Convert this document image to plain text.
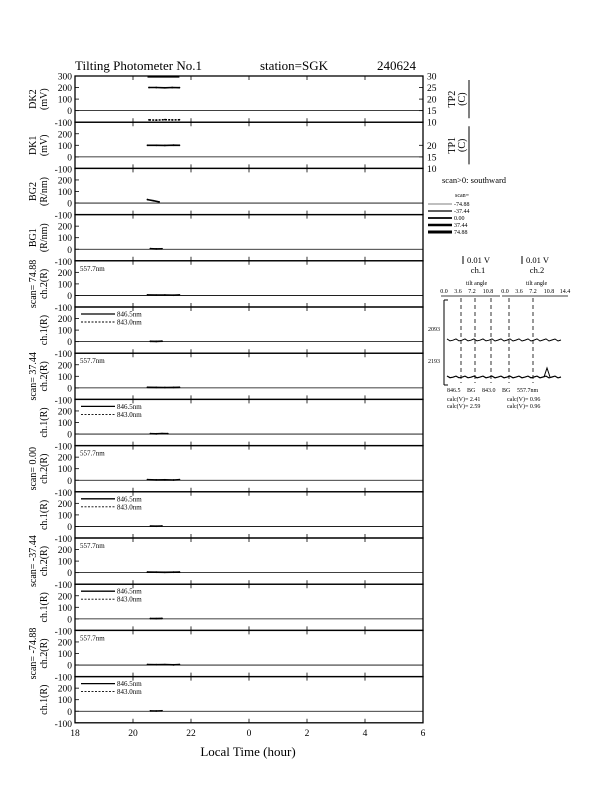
Tilting Photometer No.1	station=SGK	240624
300
200
100
0
-100
DK2 (mV)
30
25
20
15
10
TP2 (C)
200
100
0
-100
DK1 (mV)	20
15
10
TP1 (C)
200
100
0
-100
BG2 (R/nm)
200
100
0
-100
BG1 (R/nm)
200
100
0
-100
scan= 74.88 ch.2(R)	557.7nm
200
100
0
-100
ch.1(R)
846.5nm
843.0nm
200
100
0
-100
scan= 37.44 ch.2(R)	557.7nm
200
100
0
-100
ch.1(R)
846.5nm
843.0nm
200
100
0
-100
scan= 0.00 ch.2(R)	557.7nm
200
100
0
-100
ch.1(R)
846.5nm
843.0nm
200
100
0
-100
scan= -37.44 ch.2(R)	557.7nm
200
100
0
-100
ch.1(R)
846.5nm
843.0nm
200
100
0
-100
scan= -74.88 ch.2(R)	557.7nm
200
100
0
-100
ch.1(R)
846.5nm
843.0nm
18	20	22	0	2	4	6
Local Time (hour)
scan>0: southward
scan=
-74.88
-37.44
0.00
37.44
74.88
0.01 V
ch.1
0.01 V
ch.2
tilt angle	tilt angle
0.0 3.6 7.2 10.8 0.0 3.6 7.2 10.8 14.4
2093
2193
846.5 BG 843.0 BG 557.7nm
calc(V)= 2.41
calc(V)= 2.59
calc(V)= 0.96
calc(V)= 0.96
